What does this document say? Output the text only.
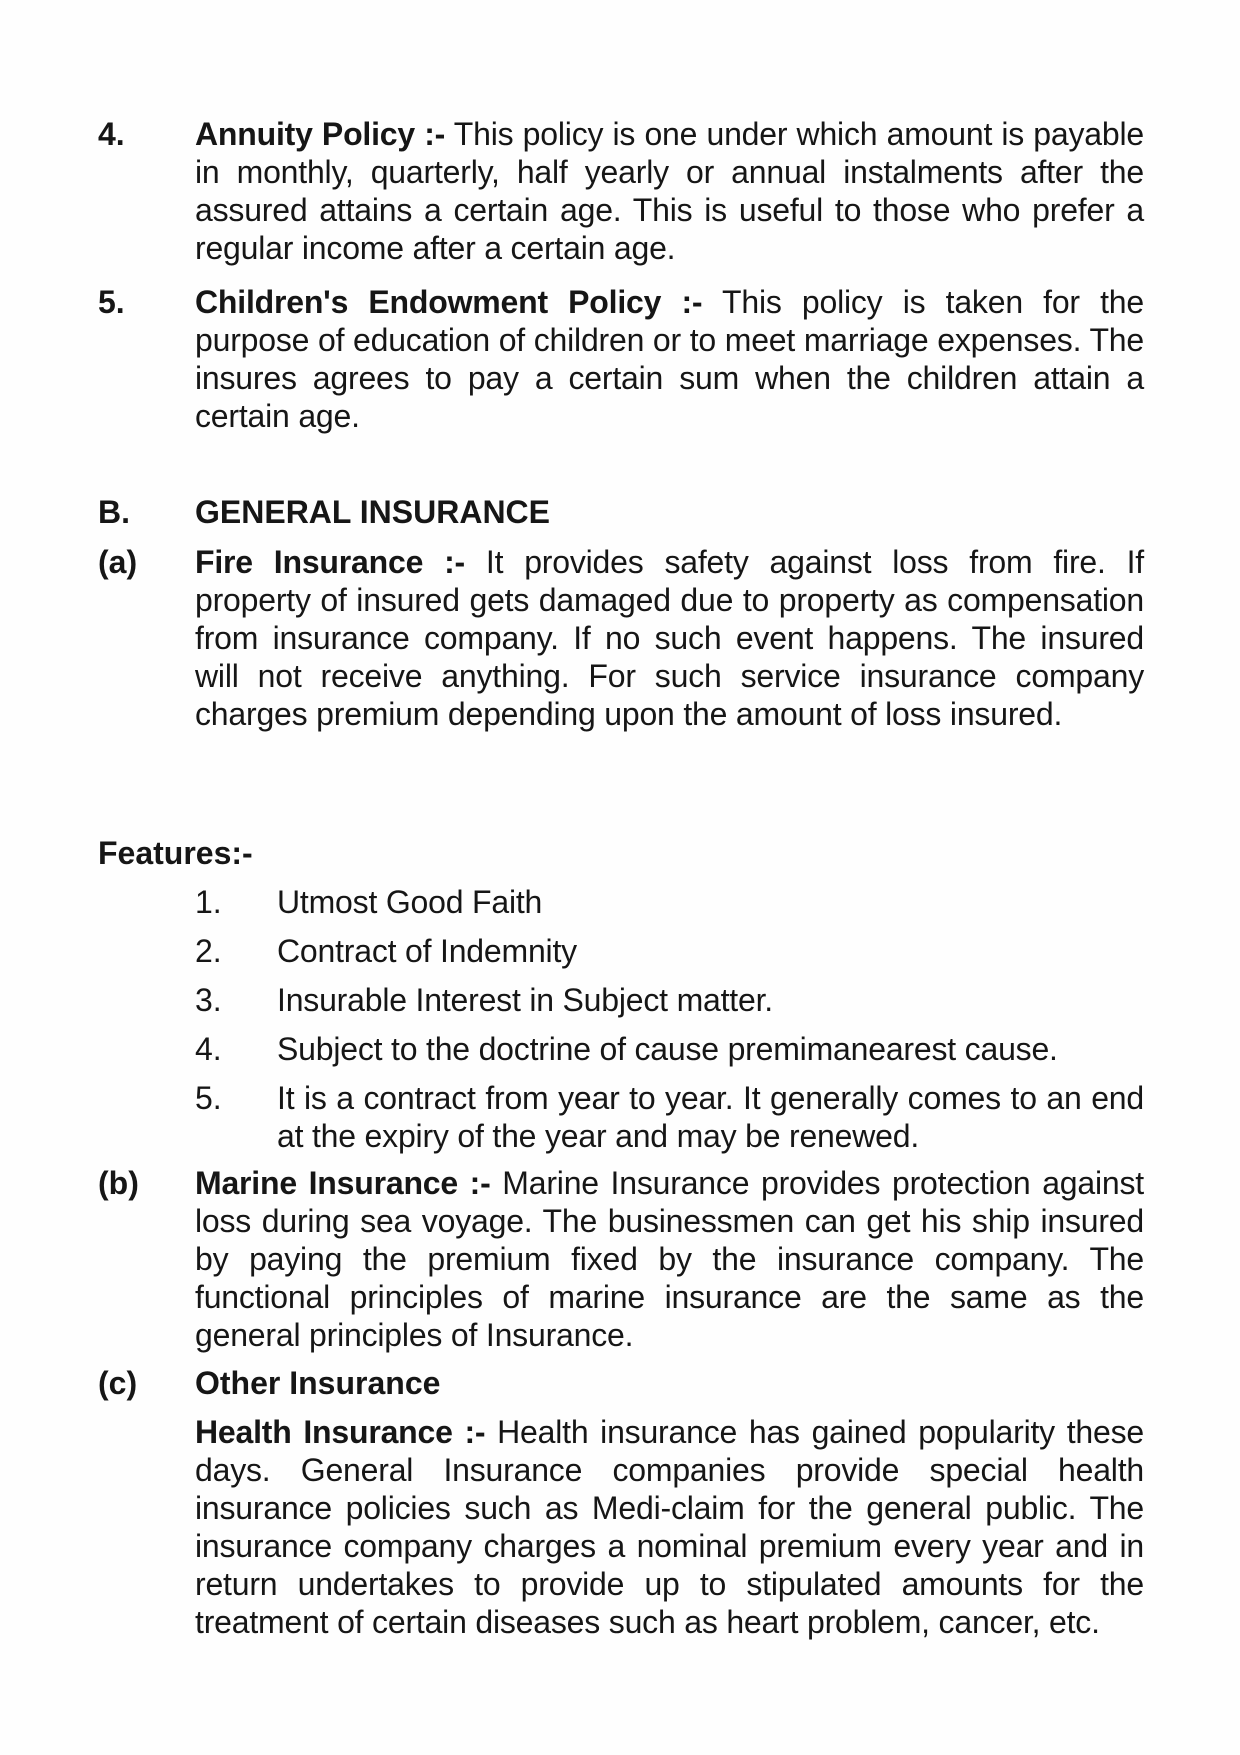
4.	Annuity Policy :- This policy is one under which amount is payable in monthly, quarterly, half yearly or annual instalments after the assured attains a certain age. This is useful to those who prefer a regular income after a certain age.
5.	Children's Endowment Policy :- This policy is taken for the purpose of education of children or to meet marriage expenses. The insures agrees to pay a certain sum when the children attain a certain age.
B.	GENERAL INSURANCE
(a)	Fire Insurance :- It provides safety against loss from fire. If property of insured gets damaged due to property as compensation from insurance company. If no such event happens. The insured will not receive anything. For such service insurance company charges premium depending upon the amount of loss insured.
Features:-
1.	Utmost Good Faith
2.	Contract of Indemnity
3.	Insurable Interest in Subject matter.
4.	Subject to the doctrine of cause premimanearest cause.
5.	It is a contract from year to year. It generally comes to an end at the expiry of the year and may be renewed.
(b)	Marine Insurance :- Marine Insurance provides protection against loss during sea voyage. The businessmen can get his ship insured by paying the premium fixed by the insurance company. The functional principles of marine insurance are the same as the general principles of Insurance.
(c)	Other Insurance
Health Insurance :- Health insurance has gained popularity these days. General Insurance companies provide special health insurance policies such as Medi-claim for the general public. The insurance company charges a nominal premium every year and in return undertakes to provide up to stipulated amounts for the treatment of certain diseases such as heart problem, cancer, etc.
